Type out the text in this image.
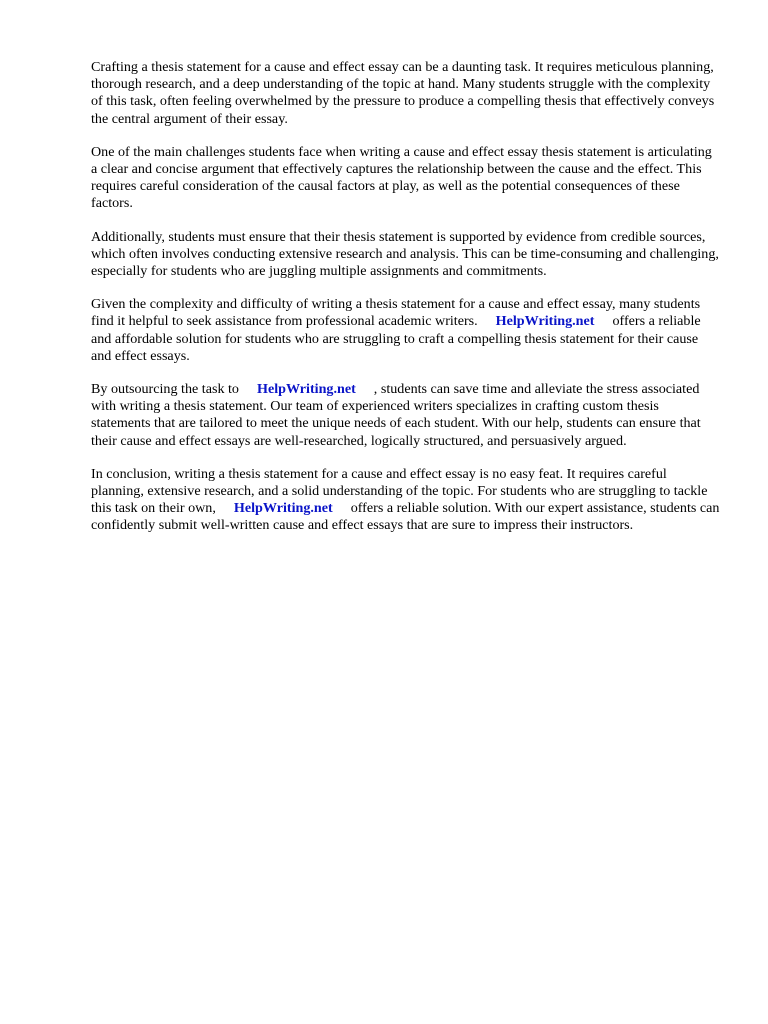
Crafting a thesis statement for a cause and effect essay can be a daunting task. It requires meticulous planning, thorough research, and a deep understanding of the topic at hand. Many students struggle with the complexity of this task, often feeling overwhelmed by the pressure to produce a compelling thesis that effectively conveys the central argument of their essay.

One of the main challenges students face when writing a cause and effect essay thesis statement is articulating a clear and concise argument that effectively captures the relationship between the cause and the effect. This requires careful consideration of the causal factors at play, as well as the potential consequences of these factors.

Additionally, students must ensure that their thesis statement is supported by evidence from credible sources, which often involves conducting extensive research and analysis. This can be time-consuming and challenging, especially for students who are juggling multiple assignments and commitments.

Given the complexity and difficulty of writing a thesis statement for a cause and effect essay, many students find it helpful to seek assistance from professional academic writers. HelpWriting.net offers a reliable and affordable solution for students who are struggling to craft a compelling thesis statement for their cause and effect essays.

By outsourcing the task to HelpWriting.net , students can save time and alleviate the stress associated with writing a thesis statement. Our team of experienced writers specializes in crafting custom thesis statements that are tailored to meet the unique needs of each student. With our help, students can ensure that their cause and effect essays are well-researched, logically structured, and persuasively argued.

In conclusion, writing a thesis statement for a cause and effect essay is no easy feat. It requires careful planning, extensive research, and a solid understanding of the topic. For students who are struggling to tackle this task on their own, HelpWriting.net offers a reliable solution. With our expert assistance, students can confidently submit well-written cause and effect essays that are sure to impress their instructors.
